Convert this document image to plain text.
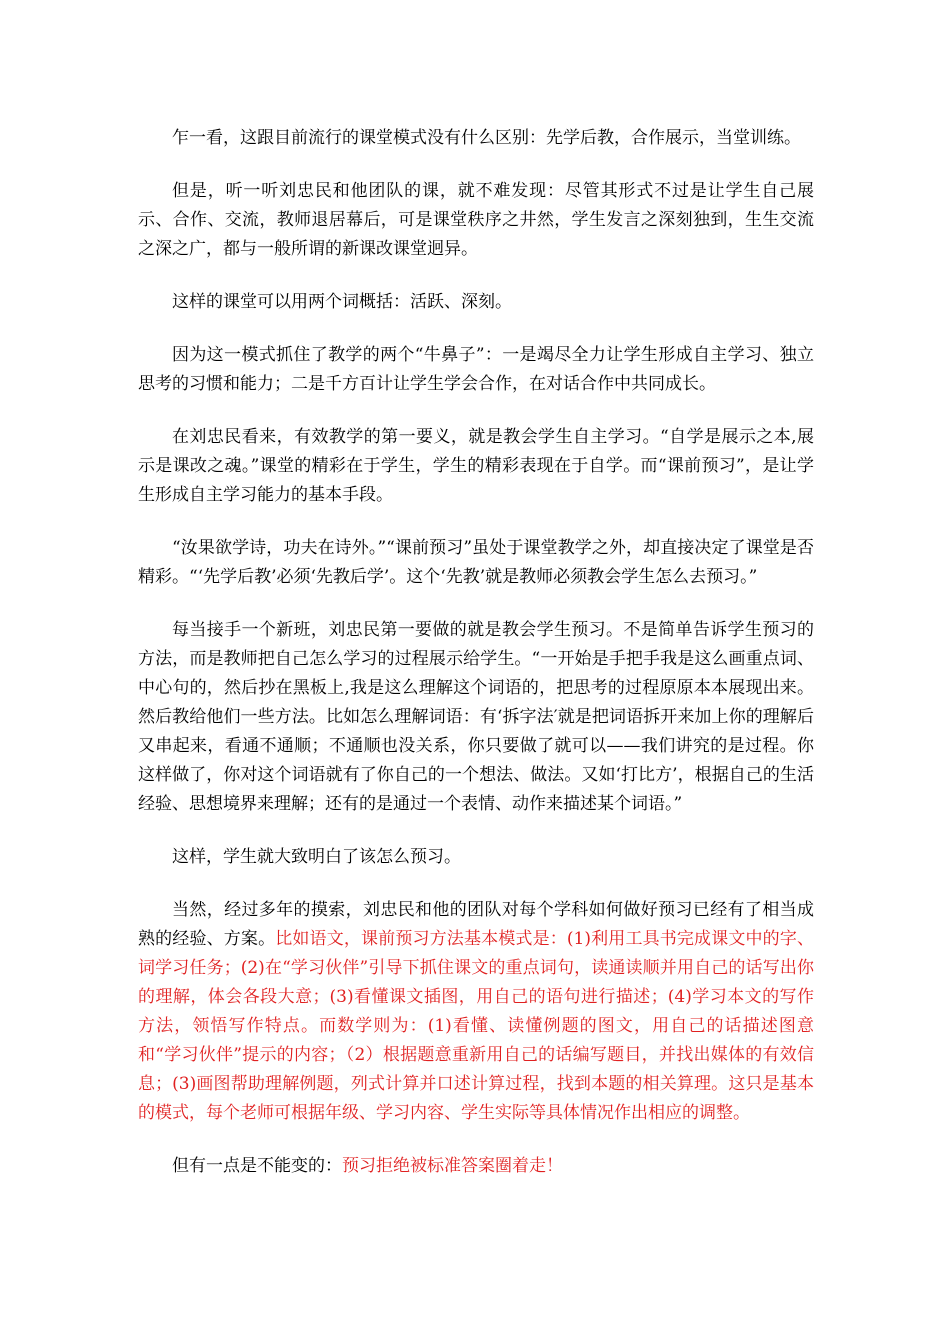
乍一看，这跟目前流行的课堂模式没有什么区别：先学后教，合作展示，当堂训练。

但是，听一听刘忠民和他团队的课，就不难发现：尽管其形式不过是让学生自己展示、合作、交流，教师退居幕后，可是课堂秩序之井然，学生发言之深刻独到，生生交流之深之广，都与一般所谓的新课改课堂迥异。

这样的课堂可以用两个词概括：活跃、深刻。

因为这一模式抓住了教学的两个“牛鼻子”：一是竭尽全力让学生形成自主学习、独立思考的习惯和能力；二是千方百计让学生学会合作，在对话合作中共同成长。

在刘忠民看来，有效教学的第一要义，就是教会学生自主学习。“自学是展示之本,展示是课改之魂。”课堂的精彩在于学生，学生的精彩表现在于自学。而“课前预习”，是让学生形成自主学习能力的基本手段。

“汝果欲学诗，功夫在诗外。”“课前预习”虽处于课堂教学之外，却直接决定了课堂是否精彩。“‘先学后教’必须‘先教后学’。这个‘先教’就是教师必须教会学生怎么去预习。”

每当接手一个新班，刘忠民第一要做的就是教会学生预习。不是简单告诉学生预习的方法，而是教师把自己怎么学习的过程展示给学生。“一开始是手把手我是这么画重点词、中心句的，然后抄在黑板上,我是这么理解这个词语的，把思考的过程原原本本展现出来。然后教给他们一些方法。比如怎么理解词语：有‘拆字法′就是把词语拆开来加上你的理解后又串起来，看通不通顺；不通顺也没关系，你只要做了就可以——我们讲究的是过程。你这样做了，你对这个词语就有了你自己的一个想法、做法。又如‘打比方’，根据自己的生活经验、思想境界来理解；还有的是通过一个表情、动作来描述某个词语。”

这样，学生就大致明白了该怎么预习。

当然，经过多年的摸索，刘忠民和他的团队对每个学科如何做好预习已经有了相当成熟的经验、方案。比如语文，课前预习方法基本模式是：(1)利用工具书完成课文中的字、词学习任务；(2)在“学习伙伴”引导下抓住课文的重点词句，读通读顺并用自己的话写出你的理解，体会各段大意；(3)看懂课文插图，用自己的语句进行描述；(4)学习本文的写作方法，领悟写作特点。而数学则为：(1)看懂、读懂例题的图文，用自己的话描述图意和“学习伙伴”提示的内容；（2）根据题意重新用自己的话编写题目，并找出媒体的有效信息；(3)画图帮助理解例题，列式计算并口述计算过程，找到本题的相关算理。这只是基本的模式，每个老师可根据年级、学习内容、学生实际等具体情况作出相应的调整。

但有一点是不能变的：预习拒绝被标准答案圈着走！
